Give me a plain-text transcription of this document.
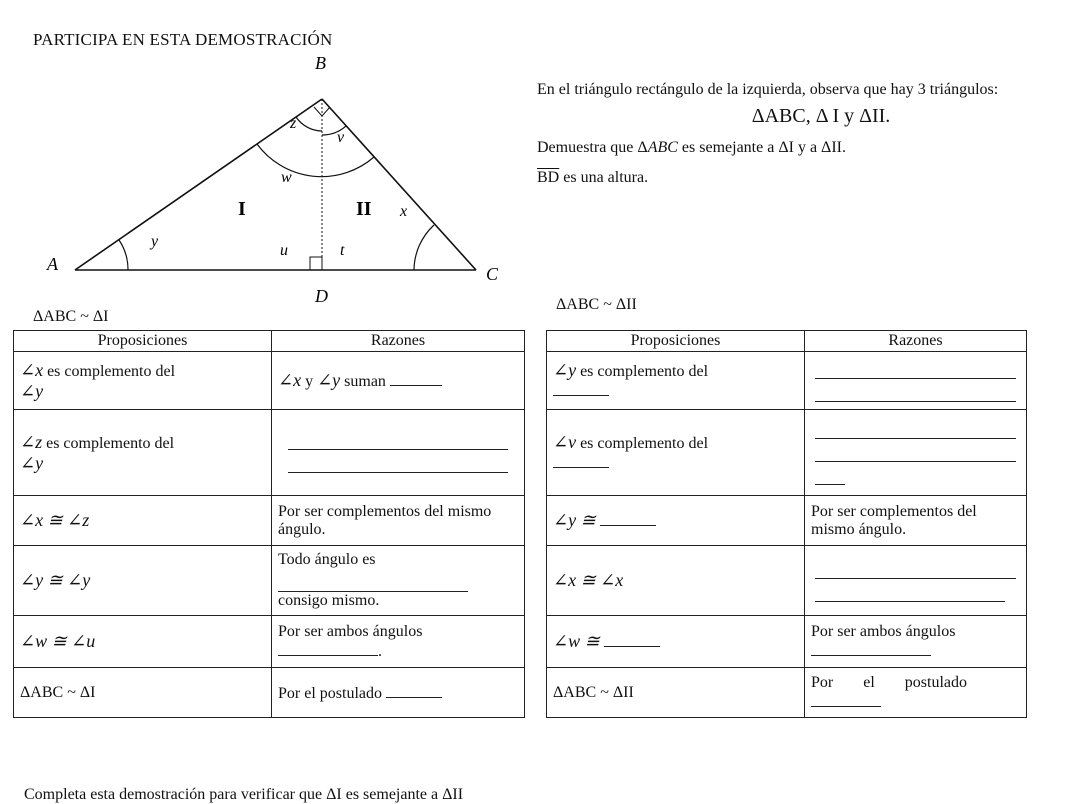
PARTICIPA EN ESTA DEMOSTRACIÓN
B
A	C
D
y
x
z
v
w
u	t
I	II

En el triángulo rectángulo de la izquierda, observa que hay 3 triángulos:

ΔABC, Δ I y ΔII.

Demuestra que ΔABC es semejante a ΔI y a ΔII.

$\overline{BD}$ es una altura.

ΔABC ~ ΔI
ΔABC ~ ΔII
Proposiciones	Razones
∠x es complemento del
∠y	∠x y ∠y suman
∠z es complemento del
∠y	

∠x ≅ ∠z	Por ser complementos del mismo ángulo.
∠y ≅ ∠y	Todo ángulo es
consigo mismo.
∠w ≅ ∠u	Por ser ambos ángulos
.
ΔABC ~ ΔI	Por el postulado
Proposiciones	Razones
∠y es complemento del

∠v es complemento del

∠y ≅	Por ser complementos del mismo ángulo.
∠x ≅ ∠x	

∠w ≅	Por ser ambos ángulos

ΔABC ~ ΔII	Por el postulado

Completa esta demostración para verificar que ΔI es semejante a ΔII
